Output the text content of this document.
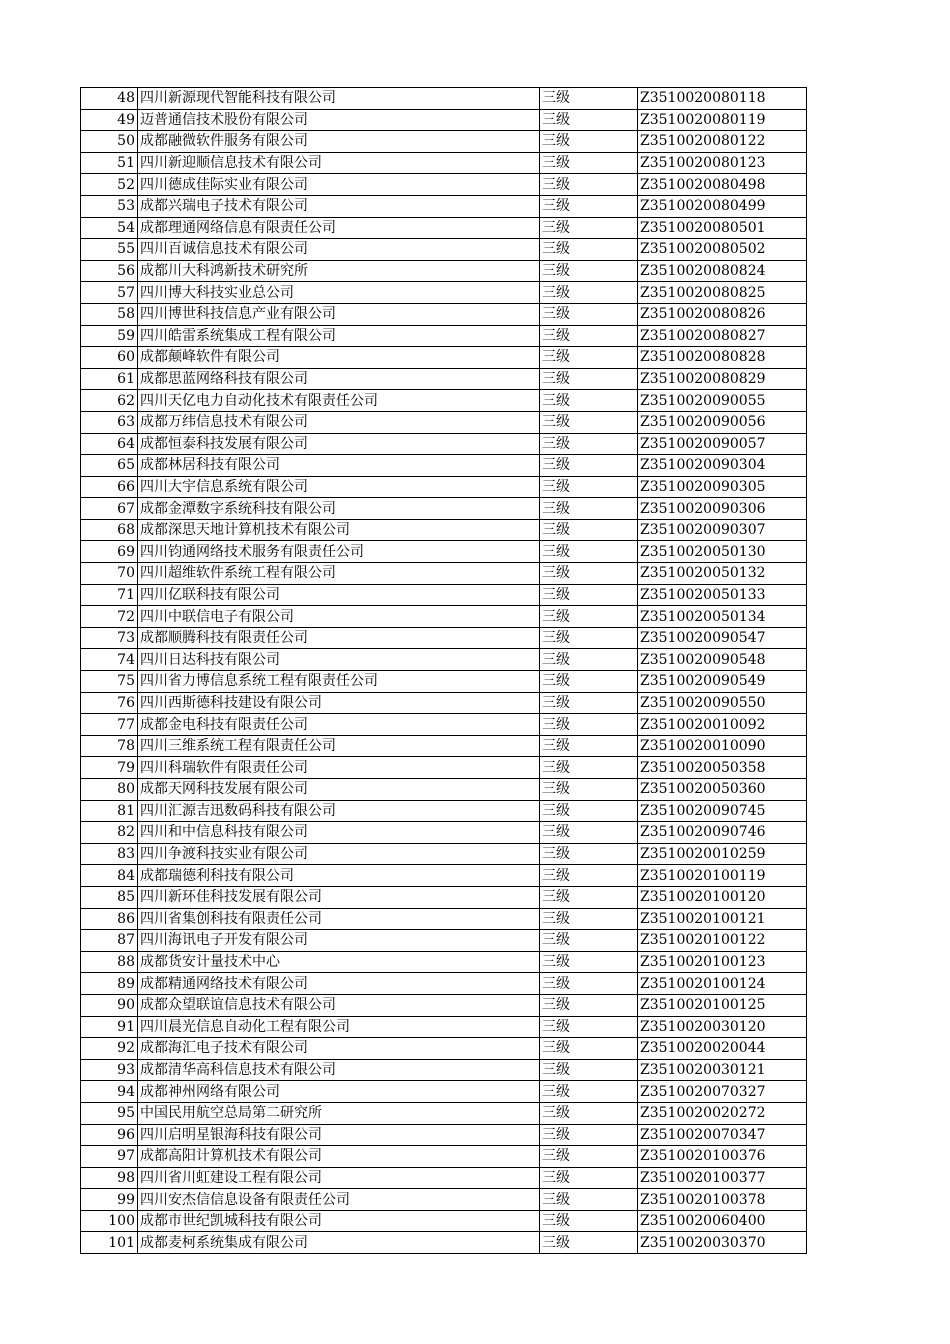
48	四川新源现代智能科技有限公司	三级	Z3510020080118
49	迈普通信技术股份有限公司	三级	Z3510020080119
50	成都融微软件服务有限公司	三级	Z3510020080122
51	四川新迎顺信息技术有限公司	三级	Z3510020080123
52	四川德成佳际实业有限公司	三级	Z3510020080498
53	成都兴瑞电子技术有限公司	三级	Z3510020080499
54	成都理通网络信息有限责任公司	三级	Z3510020080501
55	四川百诚信息技术有限公司	三级	Z3510020080502
56	成都川大科鸿新技术研究所	三级	Z3510020080824
57	四川博大科技实业总公司	三级	Z3510020080825
58	四川博世科技信息产业有限公司	三级	Z3510020080826
59	四川皓雷系统集成工程有限公司	三级	Z3510020080827
60	成都颠峰软件有限公司	三级	Z3510020080828
61	成都思蓝网络科技有限公司	三级	Z3510020080829
62	四川天亿电力自动化技术有限责任公司	三级	Z3510020090055
63	成都万纬信息技术有限公司	三级	Z3510020090056
64	成都恒泰科技发展有限公司	三级	Z3510020090057
65	成都林居科技有限公司	三级	Z3510020090304
66	四川大宇信息系统有限公司	三级	Z3510020090305
67	成都金潭数字系统科技有限公司	三级	Z3510020090306
68	成都深思天地计算机技术有限公司	三级	Z3510020090307
69	四川钧通网络技术服务有限责任公司	三级	Z3510020050130
70	四川超维软件系统工程有限公司	三级	Z3510020050132
71	四川亿联科技有限公司	三级	Z3510020050133
72	四川中联信电子有限公司	三级	Z3510020050134
73	成都顺腾科技有限责任公司	三级	Z3510020090547
74	四川日达科技有限公司	三级	Z3510020090548
75	四川省力博信息系统工程有限责任公司	三级	Z3510020090549
76	四川西斯德科技建设有限公司	三级	Z3510020090550
77	成都金电科技有限责任公司	三级	Z3510020010092
78	四川三维系统工程有限责任公司	三级	Z3510020010090
79	四川科瑞软件有限责任公司	三级	Z3510020050358
80	成都天网科技发展有限公司	三级	Z3510020050360
81	四川汇源吉迅数码科技有限公司	三级	Z3510020090745
82	四川和中信息科技有限公司	三级	Z3510020090746
83	四川争渡科技实业有限公司	三级	Z3510020010259
84	成都瑞德利科技有限公司	三级	Z3510020100119
85	四川新环佳科技发展有限公司	三级	Z3510020100120
86	四川省集创科技有限责任公司	三级	Z3510020100121
87	四川海讯电子开发有限公司	三级	Z3510020100122
88	成都货安计量技术中心	三级	Z3510020100123
89	成都精通网络技术有限公司	三级	Z3510020100124
90	成都众望联谊信息技术有限公司	三级	Z3510020100125
91	四川晨光信息自动化工程有限公司	三级	Z3510020030120
92	成都海汇电子技术有限公司	三级	Z3510020020044
93	成都清华高科信息技术有限公司	三级	Z3510020030121
94	成都神州网络有限公司	三级	Z3510020070327
95	中国民用航空总局第二研究所	三级	Z3510020020272
96	四川启明星银海科技有限公司	三级	Z3510020070347
97	成都高阳计算机技术有限公司	三级	Z3510020100376
98	四川省川虹建设工程有限公司	三级	Z3510020100377
99	四川安杰信信息设备有限责任公司	三级	Z3510020100378
100	成都市世纪凯城科技有限公司	三级	Z3510020060400
101	成都麦柯系统集成有限公司	三级	Z3510020030370
